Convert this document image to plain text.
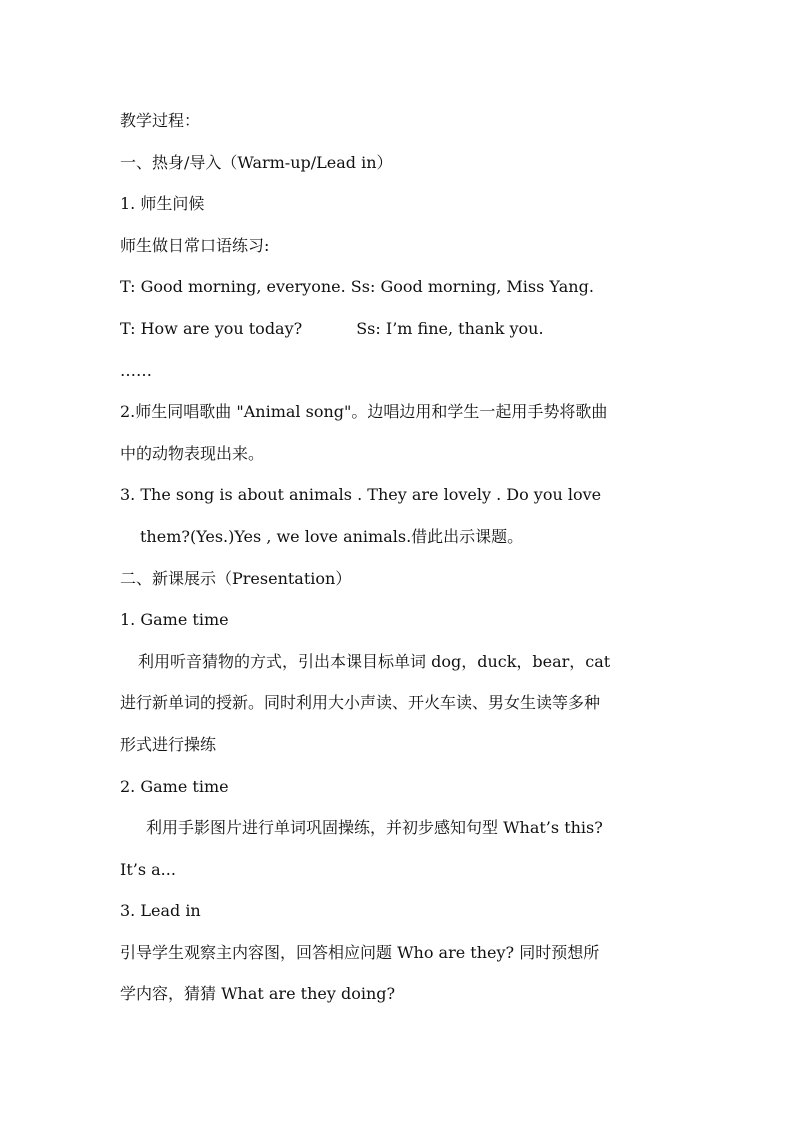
教学过程：
一、热身/导入（Warm-up/Lead in）
1. 师生问候
师生做日常口语练习:
T: Good morning, everyone. Ss: Good morning, Miss Yang.
T: How are you today?	Ss: I’m fine, thank you.
……
2.师生同唱歌曲 "Animal song"。边唱边用和学生一起用手势将歌曲
中的动物表现出来。
3. The song is about animals . They are lovely . Do you love
them?(Yes.)Yes , we love animals.借此出示课题。
二、新课展示（Presentation）
1. Game time
利用听音猜物的方式，引出本课目标单词 dog，duck，bear，cat
进行新单词的授新。同时利用大小声读、开火车读、男女生读等多种
形式进行操练
2. Game time
利用手影图片进行单词巩固操练，并初步感知句型 What’s this?
It’s a...
3. Lead in
引导学生观察主内容图，回答相应问题 Who are they? 同时预想所
学内容，猜猜 What are they doing?
